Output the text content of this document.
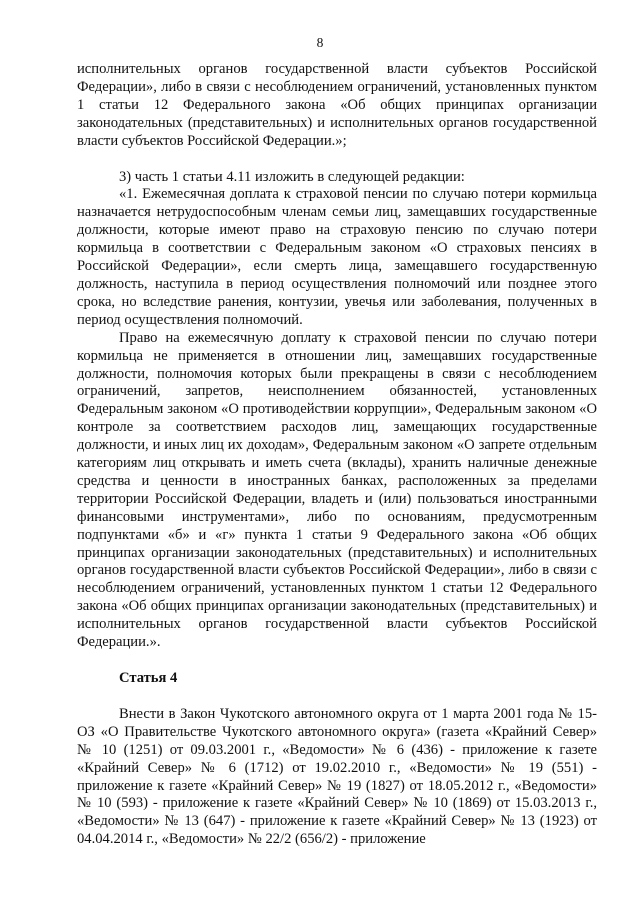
8

исполнительных органов государственной власти субъектов Российской Федерации», либо в связи с несоблюдением ограничений, установленных пунктом 1 статьи 12 Федерального закона «Об общих принципах организации законодательных (представительных) и исполнительных органов государственной власти субъектов Российской Федерации.»;

3) часть 1 статьи 4.11 изложить в следующей редакции:

«1. Ежемесячная доплата к страховой пенсии по случаю потери кормильца назначается нетрудоспособным членам семьи лиц, замещавших государственные должности, которые имеют право на страховую пенсию по случаю потери кормильца в соответствии с Федеральным законом «О страховых пенсиях в Российской Федерации», если смерть лица, замещавшего государственную должность, наступила в период осуществления полномочий или позднее этого срока, но вследствие ранения, контузии, увечья или заболевания, полученных в период осуществления полномочий.

Право на ежемесячную доплату к страховой пенсии по случаю потери кормильца не применяется в отношении лиц, замещавших государственные должности, полномочия которых были прекращены в связи с несоблюдением ограничений, запретов, неисполнением обязанностей, установленных Федеральным законом «О противодействии коррупции», Федеральным законом «О контроле за соответствием расходов лиц, замещающих государственные должности, и иных лиц их доходам», Федеральным законом «О запрете отдельным категориям лиц открывать и иметь счета (вклады), хранить наличные денежные средства и ценности в иностранных банках, расположенных за пределами территории Российской Федерации, владеть и (или) пользоваться иностранными финансовыми инструментами», либо по основаниям, предусмотренным подпунктами «б» и «г» пункта 1 статьи 9 Федерального закона «Об общих принципах организации законодательных (представительных) и исполнительных органов государственной власти субъектов Российской Федерации», либо в связи с несоблюдением ограничений, установленных пунктом 1 статьи 12 Федерального закона «Об общих принципах организации законодательных (представительных) и исполнительных органов государственной власти субъектов Российской Федерации.».

Статья 4

Внести в Закон Чукотского автономного округа от 1 марта 2001 года № 15-ОЗ «О Правительстве Чукотского автономного округа» (газета «Крайний Север» № 10 (1251) от 09.03.2001 г., «Ведомости» № 6 (436) - приложение к газете «Крайний Север» № 6 (1712) от 19.02.2010 г., «Ведомости» № 19 (551) - приложение к газете «Крайний Север» № 19 (1827) от 18.05.2012 г., «Ведомости» № 10 (593) - приложение к газете «Крайний Север» № 10 (1869) от 15.03.2013 г., «Ведомости» № 13 (647) - приложение к газете «Крайний Север» № 13 (1923) от 04.04.2014 г., «Ведомости» № 22/2 (656/2) - приложение
